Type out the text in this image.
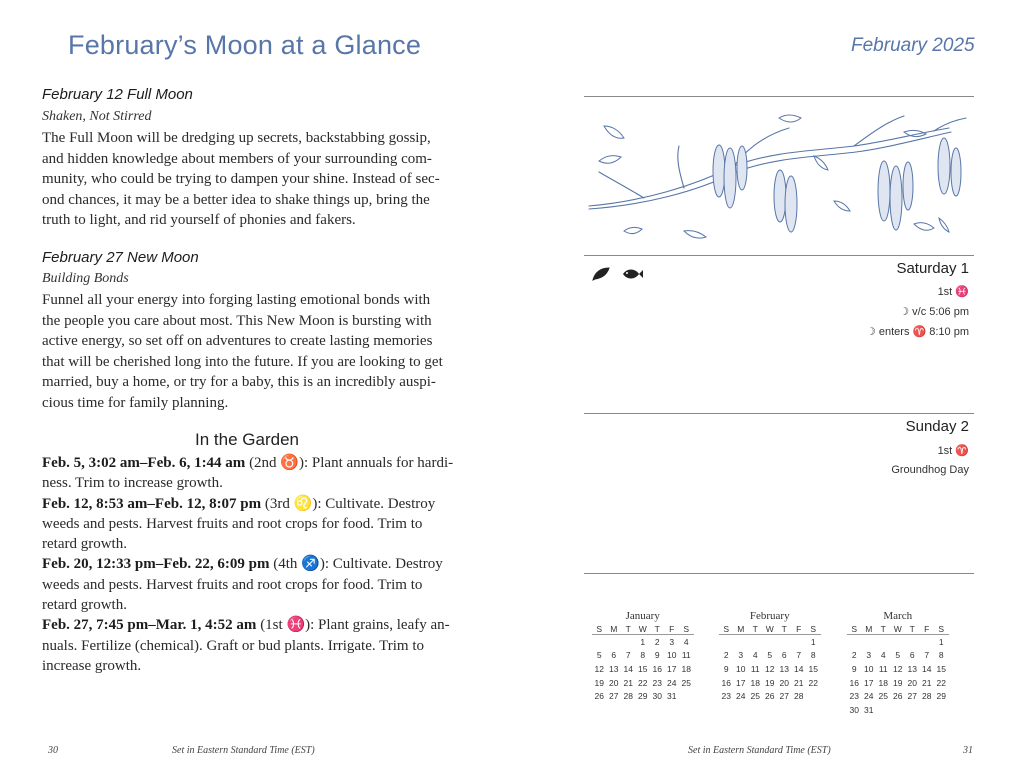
February’s Moon at a Glance
February 12 Full Moon
Shaken, Not Stirred
The Full Moon will be dredging up secrets, backstabbing gossip,
and hidden knowledge about members of your surrounding com-
munity, who could be trying to dampen your shine. Instead of sec-
ond chances, it may be a better idea to shake things up, bring the
truth to light, and rid yourself of phonies and fakers.
February 27 New Moon
Building Bonds
Funnel all your energy into forging lasting emotional bonds with
the people you care about most. This New Moon is bursting with
active energy, so set off on adventures to create lasting memories
that will be cherished long into the future. If you are looking to get
married, buy a home, or try for a baby, this is an incredibly auspi-
cious time for family planning.
In the Garden
Feb. 5, 3:02 am–Feb. 6, 1:44 am (2nd ♉): Plant annuals for hardi-ness. Trim to increase growth.
Feb. 12, 8:53 am–Feb. 12, 8:07 pm (3rd ♌): Cultivate. Destroy weeds and pests. Harvest fruits and root crops for food. Trim to retard growth.
Feb. 20, 12:33 pm–Feb. 22, 6:09 pm (4th ♐): Cultivate. Destroy weeds and pests. Harvest fruits and root crops for food. Trim to retard growth.
Feb. 27, 7:45 pm–Mar. 1, 4:52 am (1st ♓): Plant grains, leafy an-nuals. Fertilize (chemical). Graft or bud plants. Irrigate. Trim to increase growth.
30	Set in Eastern Standard Time (EST)
February 2025
Saturday 1
1st ♓
☽ v/c 5:06 pm
☽ enters ♈ 8:10 pm
Sunday 2
1st ♈
Groundhog Day
January
S	M	T	W	T	F	S
			1	2	3	4
5	6	7	8	9	10	11
12	13	14	15	16	17	18
19	20	21	22	23	24	25
26	27	28	29	30	31	
February
S	M	T	W	T	F	S
						1
2	3	4	5	6	7	8
9	10	11	12	13	14	15
16	17	18	19	20	21	22
23	24	25	26	27	28	
March
S	M	T	W	T	F	S
						1
2	3	4	5	6	7	8
9	10	11	12	13	14	15
16	17	18	19	20	21	22
23	24	25	26	27	28	29
30	31					
Set in Eastern Standard Time (EST)	31
